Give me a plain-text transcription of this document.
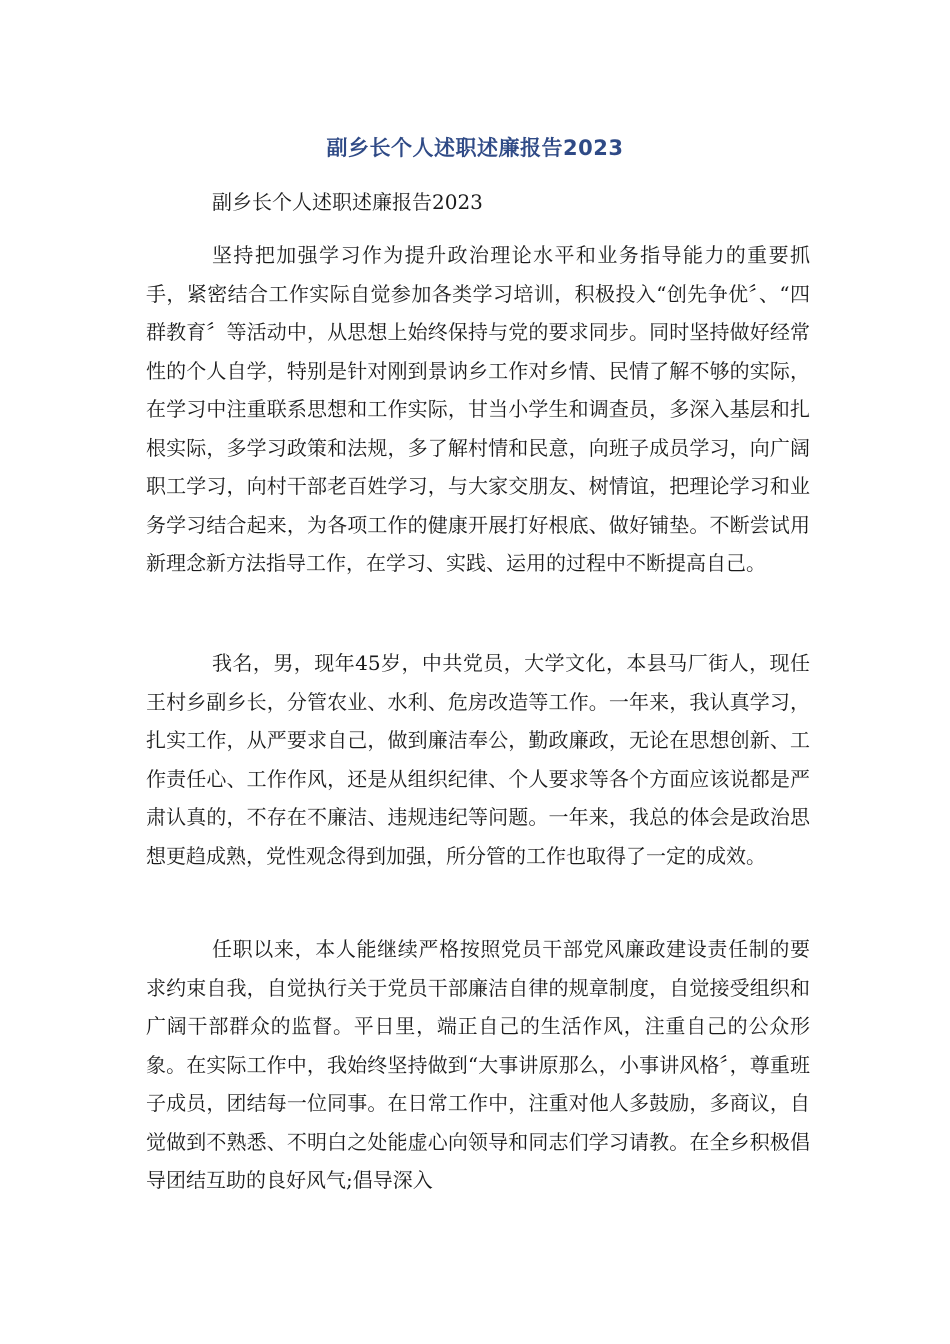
副乡长个人述职述廉报告2023
副乡长个人述职述廉报告2023

坚持把加强学习作为提升政治理论水平和业务指导能力的重要抓手，紧密结合工作实际自觉参加各类学习培训，积极投入“创先争优〞、“四群教育〞等活动中，从思想上始终保持与党的要求同步。同时坚持做好经常性的个人自学，特别是针对刚到景讷乡工作对乡情、民情了解不够的实际，在学习中注重联系思想和工作实际，甘当小学生和调查员，多深入基层和扎根实际，多学习政策和法规，多了解村情和民意，向班子成员学习，向广阔职工学习，向村干部老百姓学习，与大家交朋友、树情谊，把理论学习和业务学习结合起来，为各项工作的健康开展打好根底、做好铺垫。不断尝试用新理念新方法指导工作，在学习、实践、运用的过程中不断提高自己。

我名，男，现年45岁，中共党员，大学文化，本县马厂街人，现任王村乡副乡长，分管农业、水利、危房改造等工作。一年来，我认真学习，扎实工作，从严要求自己，做到廉洁奉公，勤政廉政，无论在思想创新、工作责任心、工作作风，还是从组织纪律、个人要求等各个方面应该说都是严肃认真的，不存在不廉洁、违规违纪等问题。一年来，我总的体会是政治思想更趋成熟，党性观念得到加强，所分管的工作也取得了一定的成效。

任职以来，本人能继续严格按照党员干部党风廉政建设责任制的要求约束自我，自觉执行关于党员干部廉洁自律的规章制度，自觉接受组织和广阔干部群众的监督。平日里，端正自己的生活作风，注重自己的公众形象。在实际工作中，我始终坚持做到“大事讲原那么，小事讲风格〞，尊重班子成员，团结每一位同事。在日常工作中，注重对他人多鼓励，多商议，自觉做到不熟悉、不明白之处能虚心向领导和同志们学习请教。在全乡积极倡导团结互助的良好风气;倡导深入
